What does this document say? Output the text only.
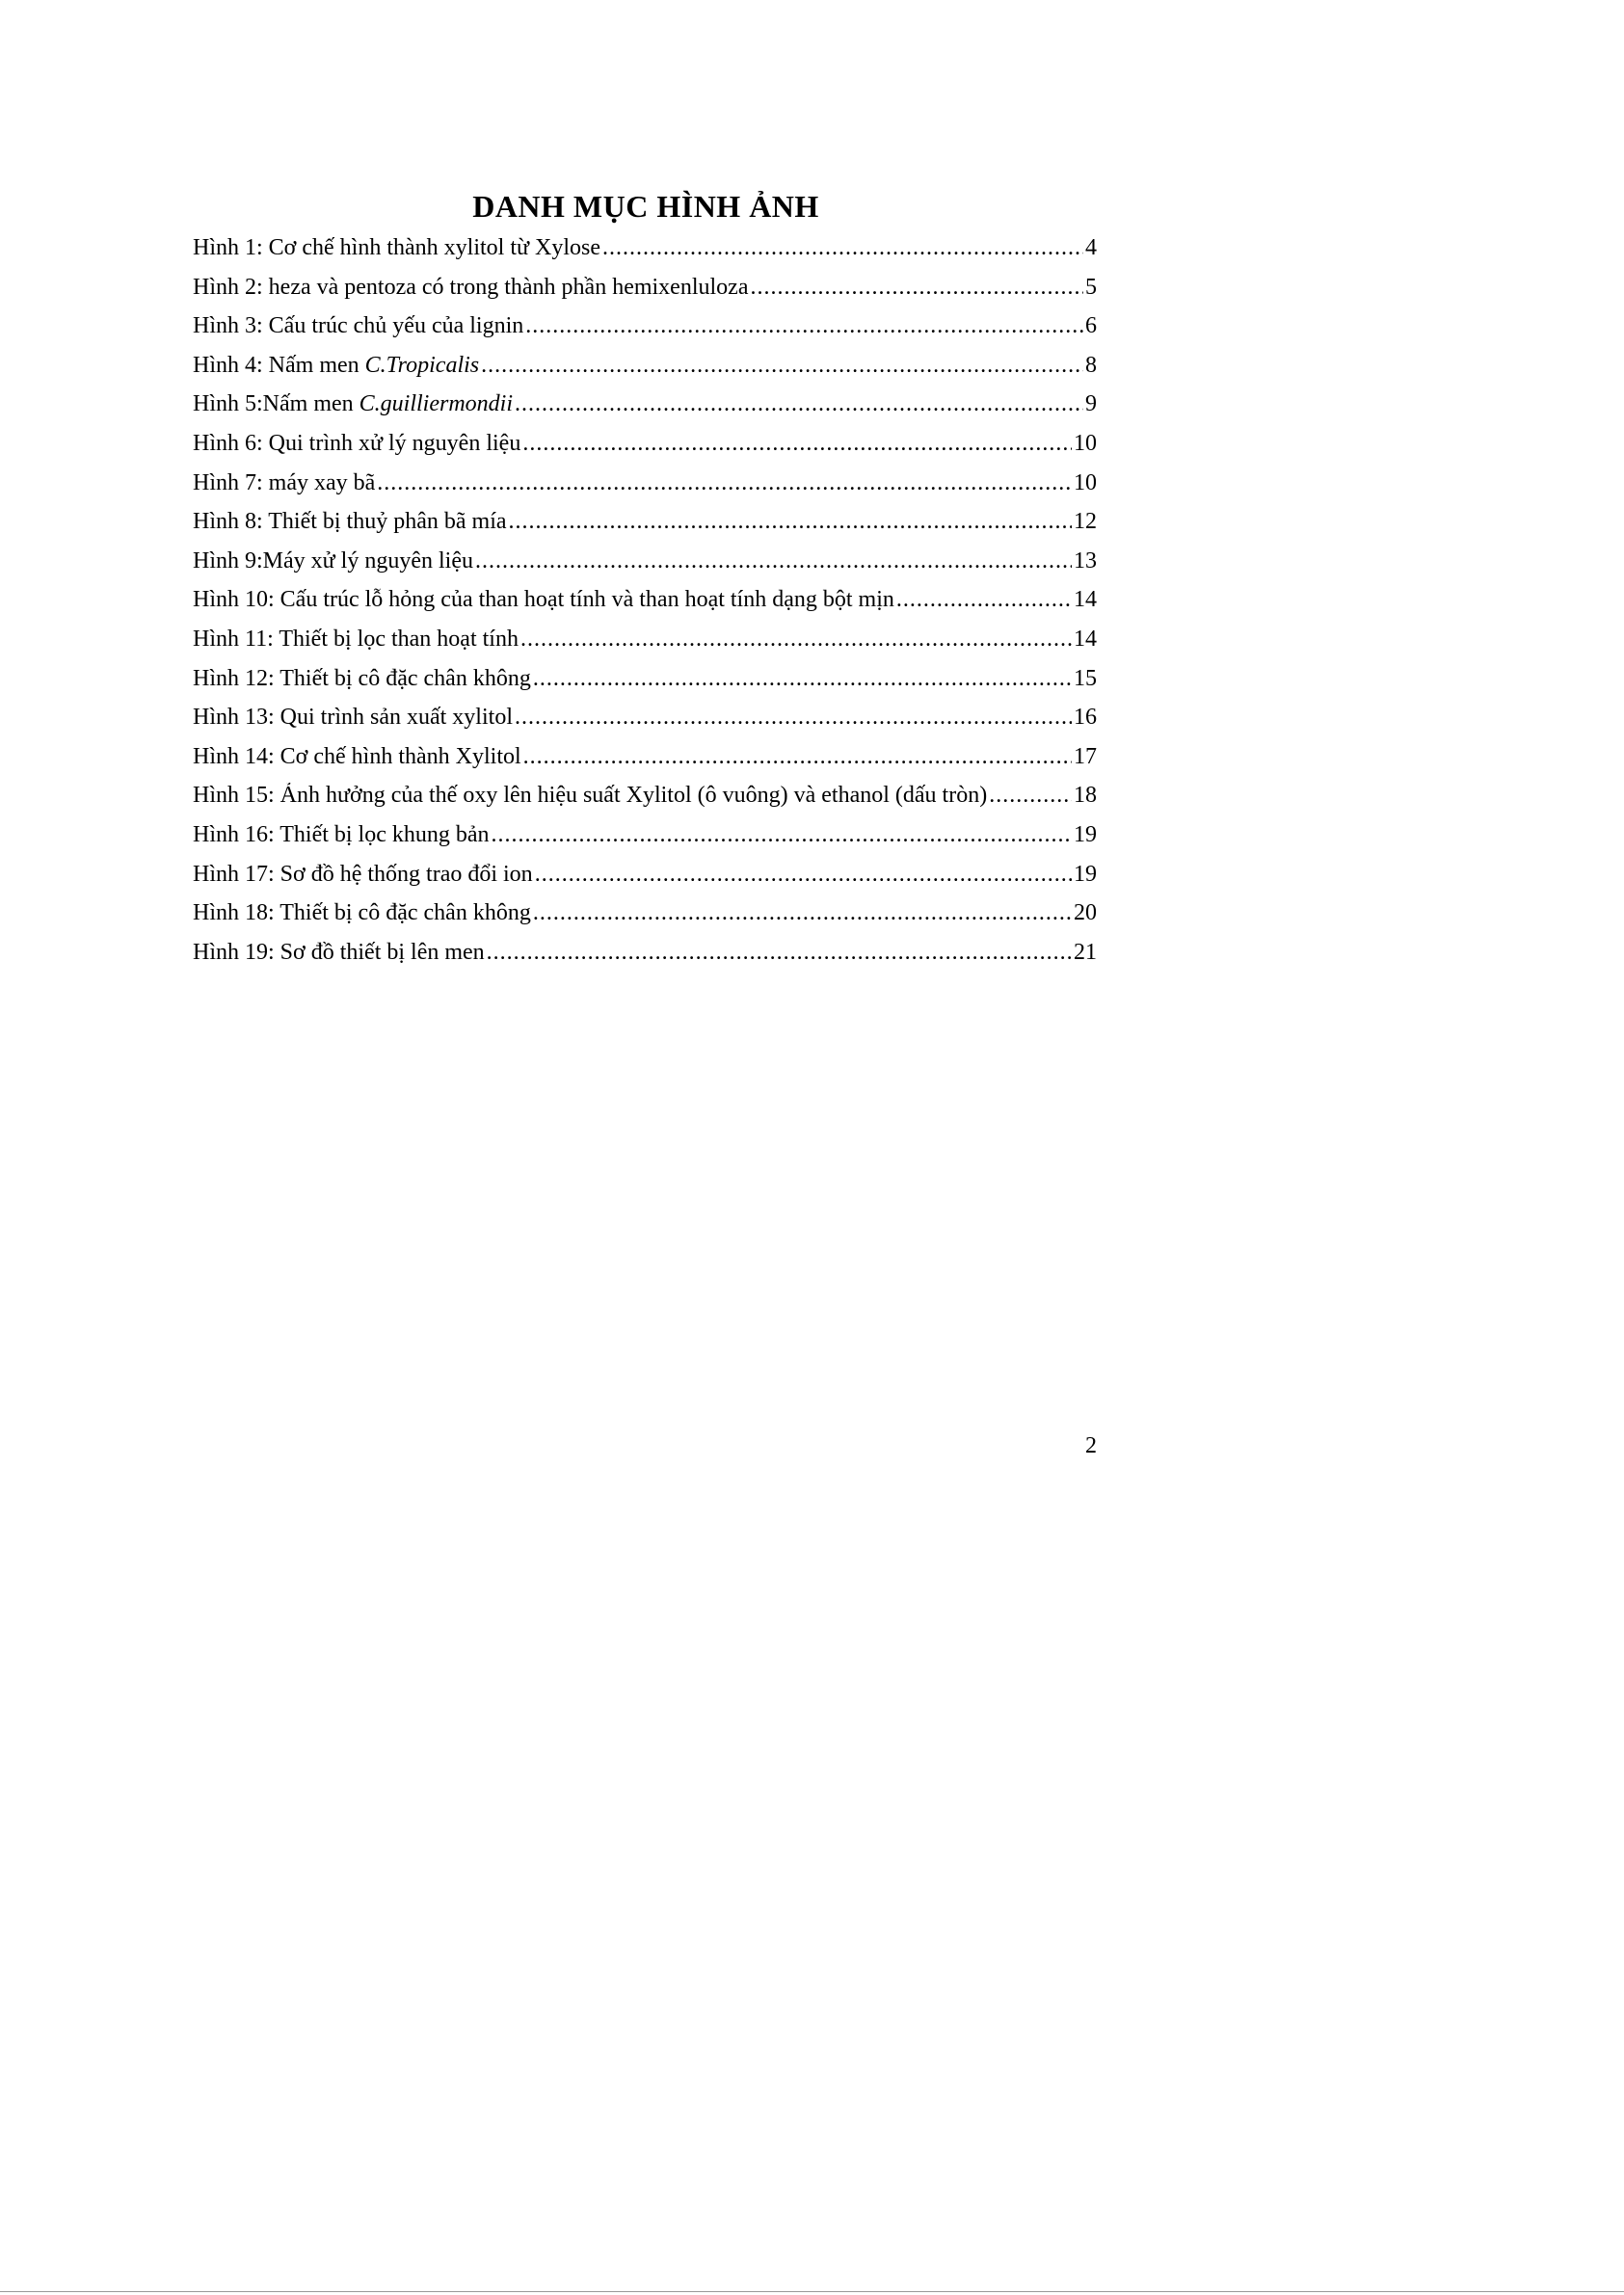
DANH MỤC HÌNH ẢNH
Hình 1: Cơ chế hình thành xylitol từ Xylose .....	4
Hình 2: heza và pentoza có trong thành phần hemixenluloza .....	5
Hình 3: Cấu trúc chủ yếu của lignin .....	6
Hình 4: Nấm men C.Tropicalis .....	8
Hình 5:Nấm men C.guilliermondii .....	9
Hình 6: Qui trình xử lý nguyên liệu .....	10
Hình 7: máy xay bã .....	10
Hình 8: Thiết bị thuỷ phân bã mía .....	12
Hình 9:Máy xử lý nguyên liệu .....	13
Hình 10: Cấu trúc lỗ hỏng của than hoạt tính và than hoạt tính dạng bột mịn .....	14
Hình 11: Thiết bị lọc than hoạt tính .....	14
Hình 12: Thiết bị cô đặc chân không .....	15
Hình 13: Qui trình sản xuất xylitol .....	16
Hình 14: Cơ chế hình thành Xylitol .....	17
Hình 15: Ảnh hưởng của thế oxy lên hiệu suất Xylitol (ô vuông) và ethanol (dấu tròn) .....	18
Hình 16: Thiết bị lọc khung bản .....	19
Hình 17: Sơ đồ hệ thống trao đổi ion .....	19
Hình 18: Thiết bị cô đặc chân không .....	20
Hình 19: Sơ đồ thiết bị lên men .....	21
2
